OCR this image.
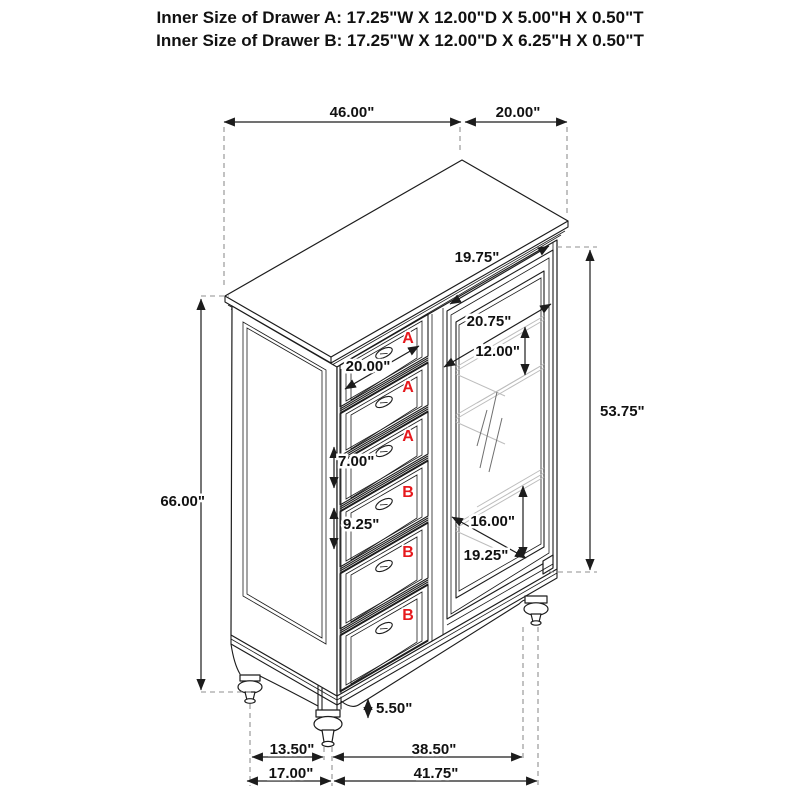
Inner Size of Drawer A: 17.25"W X 12.00"D X 5.00"H X 0.50"T
Inner Size of Drawer B: 17.25"W X 12.00"D X 6.25"H X 0.50"T
46.00"	20.00"
19.75"
20.75"
12.00"
53.75"
20.00"
7.00"
9.25"
66.00"
16.00"
19.25"
5.50"
13.50"	38.50"
17.00"	41.75"
A
A
A
B
B
B
